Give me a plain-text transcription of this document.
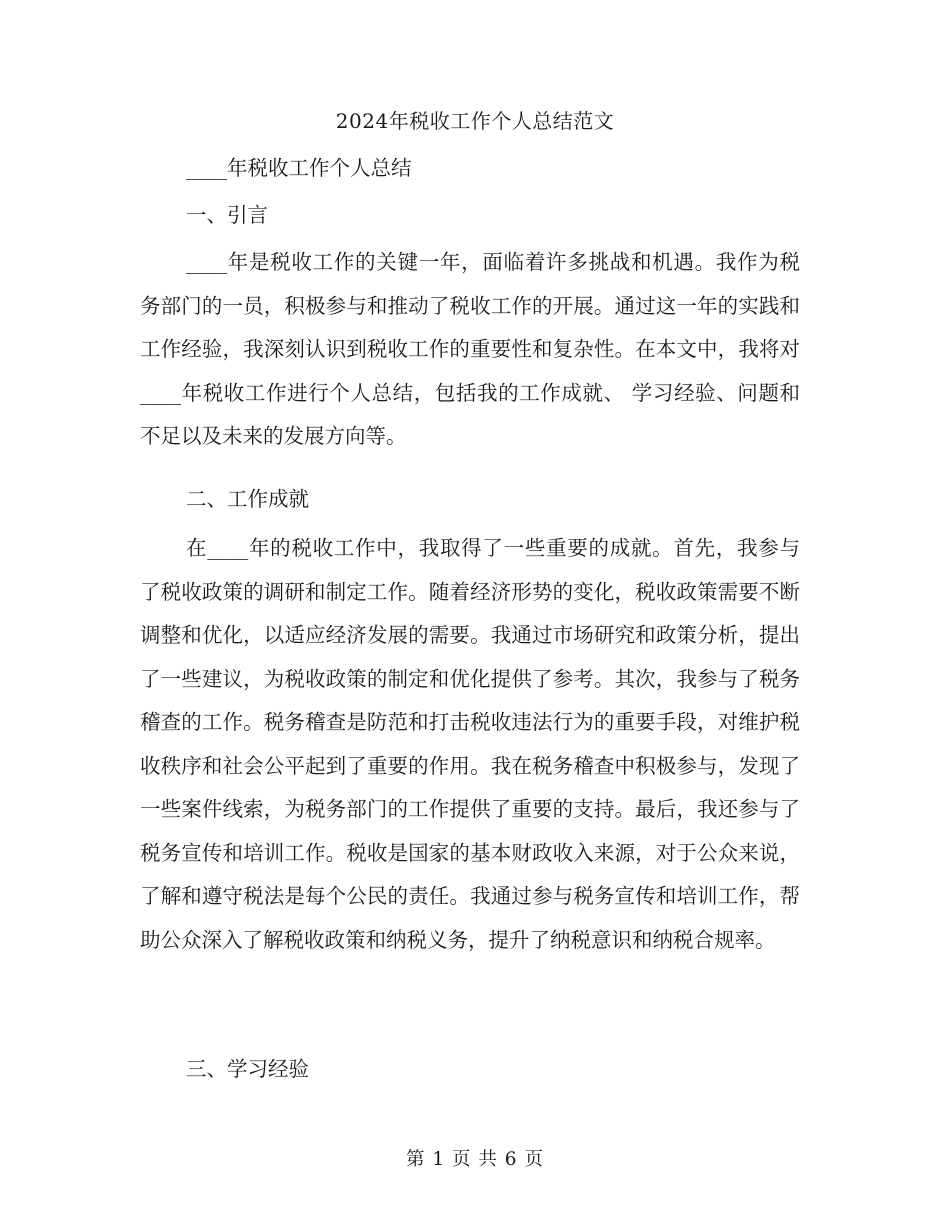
2024年税收工作个人总结范文

____年税收工作个人总结

一、引言

____年是税收工作的关键一年，面临着许多挑战和机遇。我作为税务部门的一员，积极参与和推动了税收工作的开展。通过这一年的实践和工作经验，我深刻认识到税收工作的重要性和复杂性。在本文中，我将对____年税收工作进行个人总结，包括我的工作成就、 学习经验、问题和不足以及未来的发展方向等。

二、工作成就

在____年的税收工作中，我取得了一些重要的成就。首先，我参与了税收政策的调研和制定工作。随着经济形势的变化，税收政策需要不断调整和优化，以适应经济发展的需要。我通过市场研究和政策分析，提出了一些建议，为税收政策的制定和优化提供了参考。其次，我参与了税务稽查的工作。税务稽查是防范和打击税收违法行为的重要手段，对维护税收秩序和社会公平起到了重要的作用。我在税务稽查中积极参与，发现了一些案件线索，为税务部门的工作提供了重要的支持。最后，我还参与了税务宣传和培训工作。税收是国家的基本财政收入来源，对于公众来说，了解和遵守税法是每个公民的责任。我通过参与税务宣传和培训工作，帮助公众深入了解税收政策和纳税义务，提升了纳税意识和纳税合规率。

三、学习经验

第 1 页 共 6 页
